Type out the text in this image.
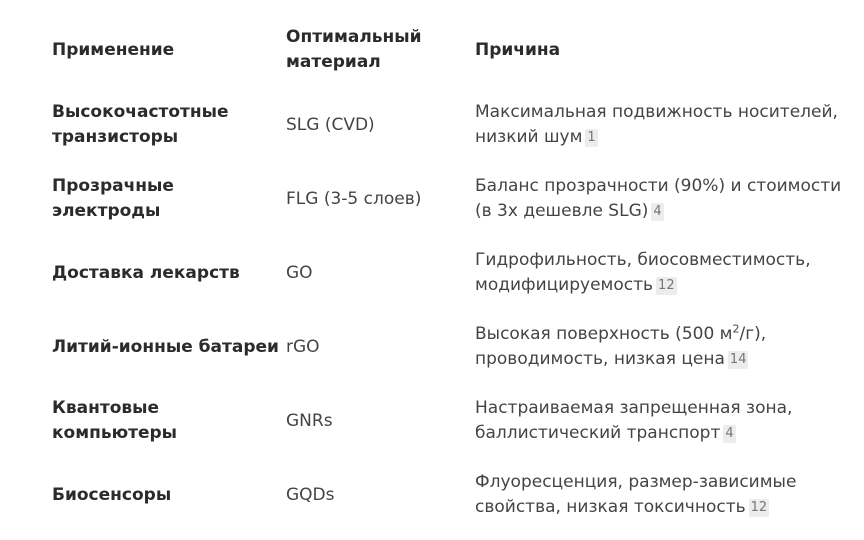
Применение
Оптимальный материал
Причина
Высокочастотные транзисторы
SLG (CVD)
Максимальная подвижность носителей, низкий шум 1
Прозрачные электроды
FLG (3-5 слоев)
Баланс прозрачности (90%) и стоимости (в 3х дешевле SLG) 4
Доставка лекарств	GO
Гидрофильность, биосовместимость, модифицируемость 12
Литий-ионные батареи rGO
Высокая поверхность (500 $м^2/г$), проводимость, низкая цена 14
Квантовые компьютеры
GNRs
Настраиваемая запрещенная зона, баллистический транспорт 4
Биосенсоры	GQDs
Флуоресценция, размер-зависимые свойства, низкая токсичность 12
